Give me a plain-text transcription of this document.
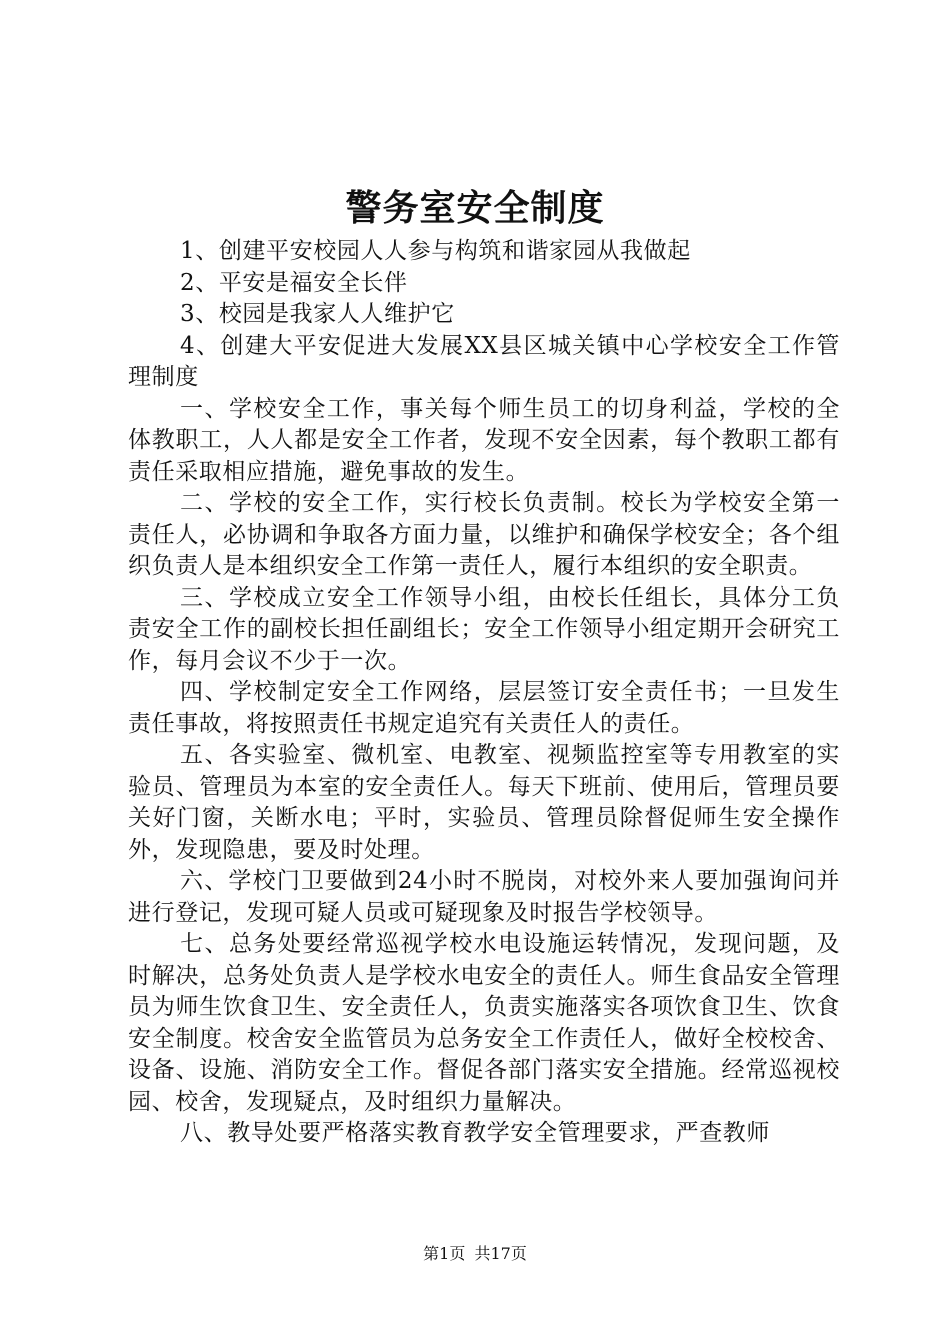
警务室安全制度

1、创建平安校园人人参与构筑和谐家园从我做起

2、平安是福安全长伴

3、校园是我家人人维护它

4、创建大平安促进大发展XX县区城关镇中心学校安全工作管理制度

一、学校安全工作，事关每个师生员工的切身利益，学校的全体教职工，人人都是安全工作者，发现不安全因素，每个教职工都有责任采取相应措施，避免事故的发生。

二、学校的安全工作，实行校长负责制。校长为学校安全第一责任人，必协调和争取各方面力量，以维护和确保学校安全；各个组织负责人是本组织安全工作第一责任人，履行本组织的安全职责。

三、学校成立安全工作领导小组，由校长任组长，具体分工负责安全工作的副校长担任副组长；安全工作领导小组定期开会研究工作，每月会议不少于一次。

四、学校制定安全工作网络，层层签订安全责任书；一旦发生责任事故，将按照责任书规定追究有关责任人的责任。

五、各实验室、微机室、电教室、视频监控室等专用教室的实验员、管理员为本室的安全责任人。每天下班前、使用后，管理员要关好门窗，关断水电；平时，实验员、管理员除督促师生安全操作外，发现隐患，要及时处理。

六、学校门卫要做到24小时不脱岗，对校外来人要加强询问并进行登记，发现可疑人员或可疑现象及时报告学校领导。

七、总务处要经常巡视学校水电设施运转情况，发现问题，及时解决，总务处负责人是学校水电安全的责任人。师生食品安全管理员为师生饮食卫生、安全责任人，负责实施落实各项饮食卫生、饮食安全制度。校舍安全监管员为总务安全工作责任人，做好全校校舍、设备、设施、消防安全工作。督促各部门落实安全措施。经常巡视校园、校舍，发现疑点，及时组织力量解决。

八、教导处要严格落实教育教学安全管理要求，严查教师

第1页 共17页
